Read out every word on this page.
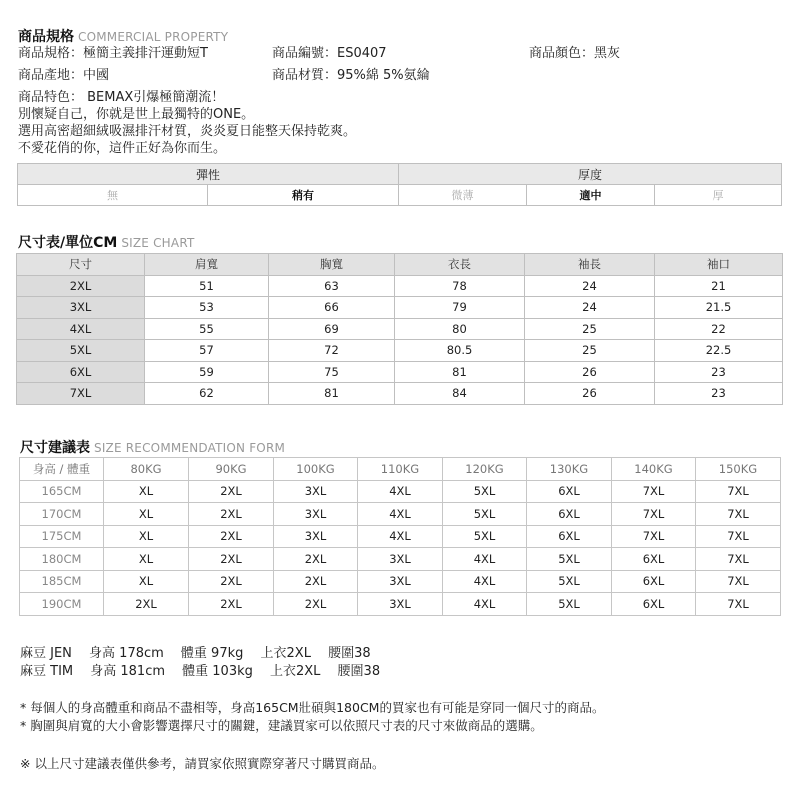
商品規格 COMMERCIAL PROPERTY
商品規格：極簡主義排汗運動短T	商品編號：ES0407	商品顏色：黑灰
商品產地：中國	商品材質：95%綿 5%氨綸
商品特色： BEMAX引爆極簡潮流！
別懷疑自己，你就是世上最獨特的ONE。
選用高密超細絨吸濕排汗材質，炎炎夏日能整天保持乾爽。
不愛花俏的你，這件正好為你而生。
彈性		厚度		
無	稍有	微薄	適中	厚
尺寸表/單位CM SIZE CHART
尺寸	肩寬	胸寬	衣長	袖長	袖口
2XL	51	63	78	24	21
3XL	53	66	79	24	21.5
4XL	55	69	80	25	22
5XL	57	72	80.5	25	22.5
6XL	59	75	81	26	23
7XL	62	81	84	26	23
尺寸建議表 SIZE RECOMMENDATION FORM
身高 / 體重	80KG	90KG	100KG	110KG	120KG	130KG	140KG	150KG
165CM	XL	2XL	3XL	4XL	5XL	6XL	7XL	7XL
170CM	XL	2XL	3XL	4XL	5XL	6XL	7XL	7XL
175CM	XL	2XL	3XL	4XL	5XL	6XL	7XL	7XL
180CM	XL	2XL	2XL	3XL	4XL	5XL	6XL	7XL
185CM	XL	2XL	2XL	3XL	4XL	5XL	6XL	7XL
190CM	2XL	2XL	2XL	3XL	4XL	5XL	6XL	7XL
麻豆 JEN　 身高 178cm　 體重 97kg　 上衣2XL　 腰圍38
麻豆 TIM　 身高 181cm　 體重 103kg　 上衣2XL　 腰圍38
* 每個人的身高體重和商品不盡相等，身高165CM壯碩與180CM的買家也有可能是穿同一個尺寸的商品。
* 胸圍與肩寬的大小會影響選擇尺寸的關鍵，建議買家可以依照尺寸表的尺寸來做商品的選購。
※ 以上尺寸建議表僅供參考，請買家依照實際穿著尺寸購買商品。
